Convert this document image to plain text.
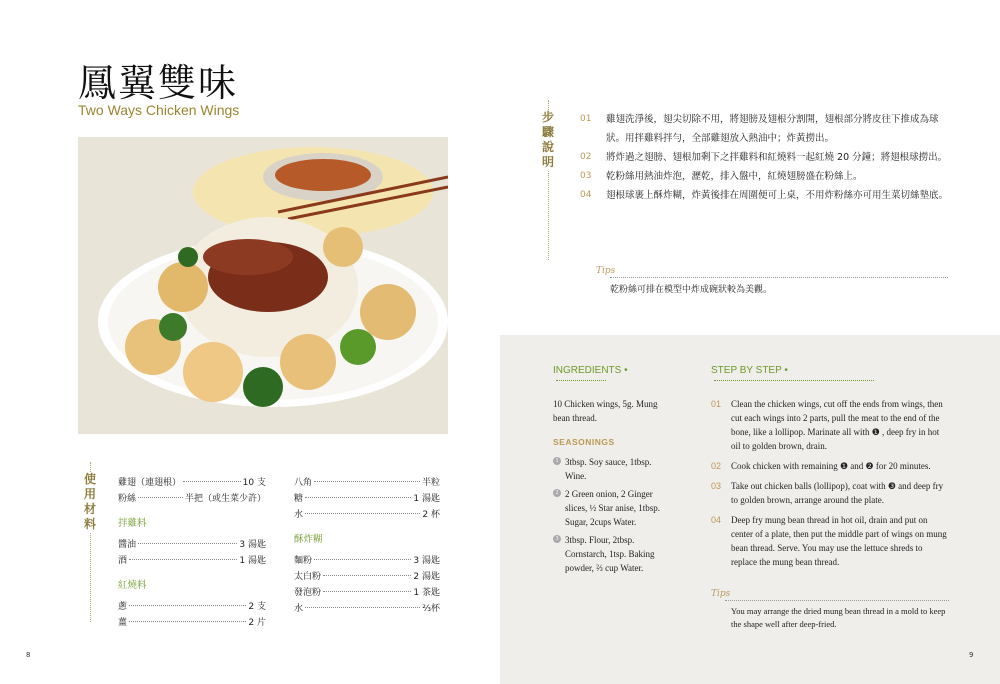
鳳翼雙味
Two Ways Chicken Wings	步驟說明
01 雞翅洗淨後，翅尖切除不用，將翅膀及翅根分割開，翅根部分將皮往下推成為球狀。用拌雞料拌勻，全部雞翅放入熱油中；炸黃撈出。
02 將炸過之翅膀、翅根加剩下之拌雞料和紅燒料一起紅燒 20 分鐘；將翅根球撈出。
03 乾粉絲用熱油炸泡，瀝乾，排入盤中，紅燒翅膀盛在粉絲上。
04 翅根球裹上酥炸糊，炸黃後排在周圍便可上桌，不用炸粉絲亦可用生菜切絲墊底。
Tips
乾粉絲可排在模型中炸成碗狀較為美觀。
使用材料
雞翅（連翅根）	10 支
粉絲	半把（或生菜少許）
拌雞料
醬油	3 湯匙
酒	1 湯匙
紅燒料
蔥	2 支
薑	2 片
八角	半粒
糖	1 湯匙
水	2 杯
酥炸糊
麵粉	3 湯匙
太白粉	2 湯匙
發泡粉	1 茶匙
水	⅔杯
INGREDIENTS •
10 Chicken wings, 5g. Mung bean thread.
SEASONINGS
1 3tbsp. Soy sauce, 1tbsp. Wine.
2 2 Green onion, 2 Ginger slices, ½ Star anise, 1tbsp. Sugar, 2cups Water.
3 3tbsp. Flour, 2tbsp. Cornstarch, 1tsp. Baking powder, ⅔ cup Water.
STEP BY STEP •
01 Clean the chicken wings, cut off the ends from wings, then cut each wings into 2 parts, pull the meat to the end of the bone, like a lollipop. Marinate all with ❶ , deep fry in hot oil to golden brown, drain.
02 Cook chicken with remaining ❶ and ❷ for 20 minutes.
03 Take out chicken balls (lollipop), coat with ❸ and deep fry to golden brown, arrange around the plate.
04 Deep fry mung bean thread in hot oil, drain and put on center of a plate, then put the middle part of wings on mung bean thread. Serve. You may use the lettuce shreds to replace the mung bean thread.
Tips
You may arrange the dried mung bean thread in a mold to keep the shape well after deep-fried.
8	9
